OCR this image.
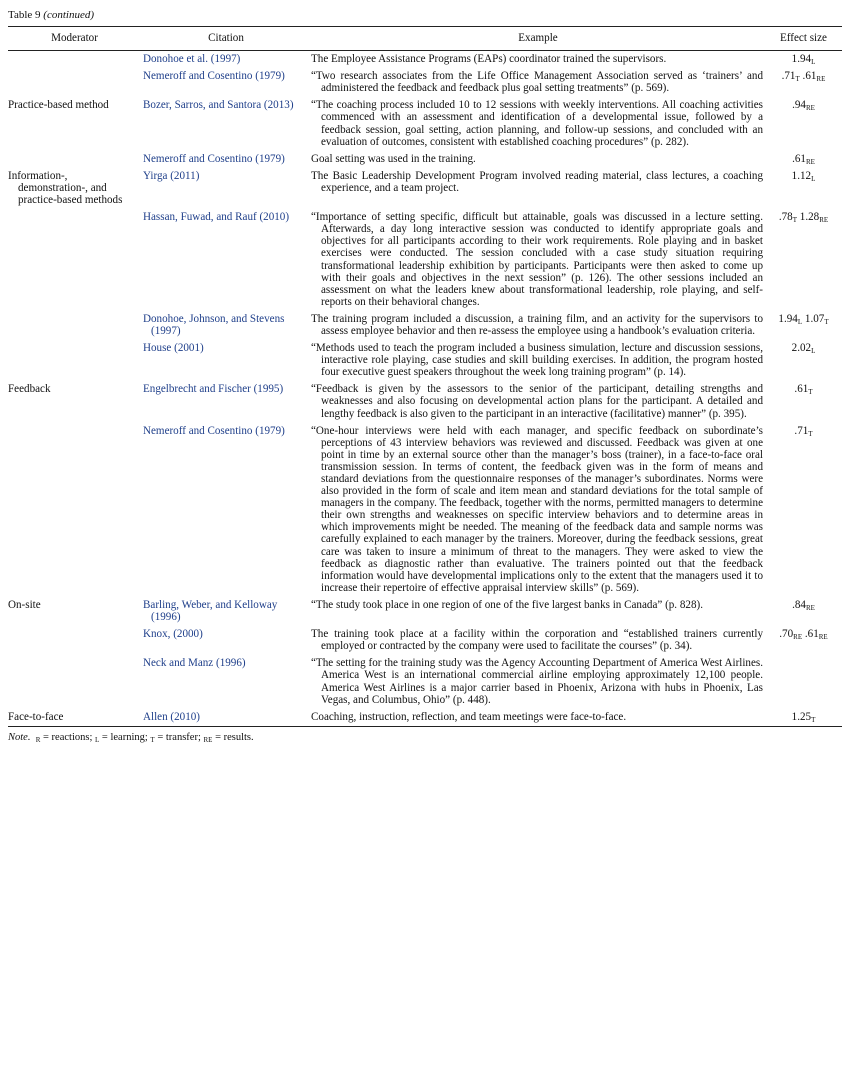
Table 9 (continued)
Moderator	Citation	Example	Effect size
	Donohoe et al. (1997)	The Employee Assistance Programs (EAPs) coordinator trained the supervisors.	$1.94_L$
	Nemeroff and Cosentino (1979)	“Two research associates from the Life Office Management Association served as ‘trainers’ and administered the feedback and feedback plus goal setting treatments” (p. 569).	$.71_T$ $.61_{RE}$
Practice-based method	Bozer, Sarros, and Santora (2013)	“The coaching process included 10 to 12 sessions with weekly interventions. All coaching activities commenced with an assessment and identification of a developmental issue, followed by a feedback session, goal setting, action planning, and follow-up sessions, and concluded with an evaluation of outcomes, consistent with established coaching procedures” (p. 282).	$.94_{RE}$
	Nemeroff and Cosentino (1979)	Goal setting was used in the training.	$.61_{RE}$
Information-, demonstration-, and practice-based methods	Yirga (2011)	The Basic Leadership Development Program involved reading material, class lectures, a coaching experience, and a team project.	$1.12_L$
	Hassan, Fuwad, and Rauf (2010)	“Importance of setting specific, difficult but attainable, goals was discussed in a lecture setting. Afterwards, a day long interactive session was conducted to identify appropriate goals and objectives for all participants according to their work requirements. Role playing and in basket exercises were conducted. The session concluded with a case study situation requiring transformational leadership exhibition by participants. Participants were then asked to come up with their goals and objectives in the next session” (p. 126). The other sessions included an assessment on what the leaders knew about transformational leadership, role playing, and self-reports on their behavioral changes.	$.78_T$ $1.28_{RE}$
	Donohoe, Johnson, and Stevens (1997)	The training program included a discussion, a training film, and an activity for the supervisors to assess employee behavior and then re-assess the employee using a handbook’s evaluation criteria.	$1.94_L$ $1.07_T$
	House (2001)	“Methods used to teach the program included a business simulation, lecture and discussion sessions, interactive role playing, case studies and skill building exercises. In addition, the program hosted four executive guest speakers throughout the week long training program” (p. 14).	$2.02_L$
Feedback	Engelbrecht and Fischer (1995)	“Feedback is given by the assessors to the senior of the participant, detailing strengths and weaknesses and also focusing on developmental action plans for the participant. A detailed and lengthy feedback is also given to the participant in an interactive (facilitative) manner” (p. 395).	$.61_T$
	Nemeroff and Cosentino (1979)	“One-hour interviews were held with each manager, and specific feedback on subordinate’s perceptions of 43 interview behaviors was reviewed and discussed. Feedback was given at one point in time by an external source other than the manager’s boss (trainer), in a face-to-face oral transmission session. In terms of content, the feedback given was in the form of means and standard deviations from the questionnaire responses of the manager’s subordinates. Norms were also provided in the form of scale and item mean and standard deviations for the total sample of managers in the company. The feedback, together with the norms, permitted managers to determine their own strengths and weaknesses on specific interview behaviors and to determine areas in which improvements might be needed. The meaning of the feedback data and sample norms was carefully explained to each manager by the trainers. Moreover, during the feedback sessions, great care was taken to insure a minimum of threat to the managers. They were asked to view the feedback as diagnostic rather than evaluative. The trainers pointed out that the feedback information would have developmental implications only to the extent that the managers used it to increase their repertoire of effective appraisal interview skills” (p. 569).	$.71_T$
On-site	Barling, Weber, and Kelloway (1996)	“The study took place in one region of one of the five largest banks in Canada” (p. 828).	$.84_{RE}$
	Knox, (2000)	The training took place at a facility within the corporation and “established trainers currently employed or contracted by the company were used to facilitate the courses” (p. 34).	$.70_{RE}$ $.61_{RE}$
	Neck and Manz (1996)	“The setting for the training study was the Agency Accounting Department of America West Airlines. America West is an international commercial airline employing approximately 12,100 people. America West Airlines is a major carrier based in Phoenix, Arizona with hubs in Phoenix, Las Vegas, and Columbus, Ohio” (p. 448).	
Face-to-face	Allen (2010)	Coaching, instruction, reflection, and team meetings were face-to-face.	$1.25_T$
Note. $_R$ = reactions; $_L$ = learning; $_T$ = transfer; $_{RE}$ = results.
